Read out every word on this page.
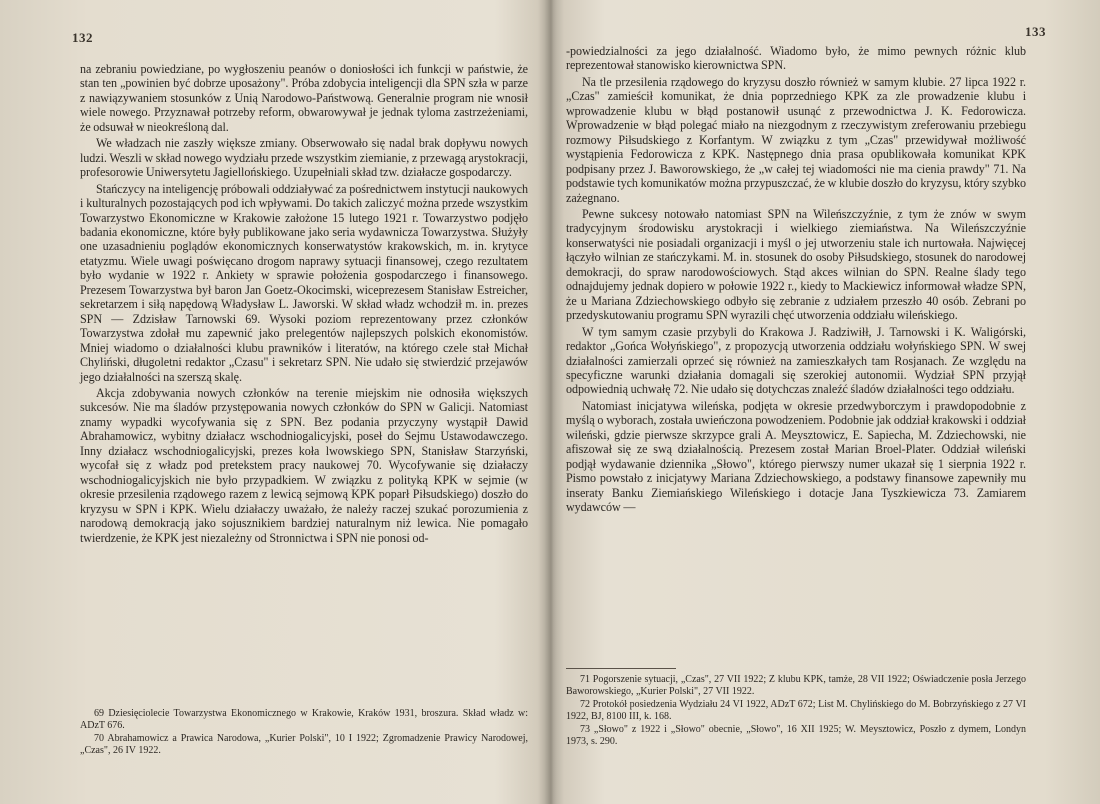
132

na zebraniu powiedziane, po wygłoszeniu peanów o doniosłości ich funkcji w państwie, że stan ten „powinien być dobrze uposażony". Próba zdobycia inteligencji dla SPN szła w parze z nawiązywaniem stosunków z Unią Narodowo-Państwową. Generalnie program nie wnosił wiele nowego. Przyznawał potrzeby reform, obwarowywał je jednak tyloma zastrzeżeniami, że odsuwał w nieokreśloną dal.

We władzach nie zaszły większe zmiany. Obserwowało się nadal brak dopływu nowych ludzi. Weszli w skład nowego wydziału przede wszystkim ziemianie, z przewagą arystokracji, profesorowie Uniwersytetu Jagiellońskiego. Uzupełniali skład tzw. działacze gospodarczy.

Stańczycy na inteligencję próbowali oddziaływać za pośrednictwem instytucji naukowych i kulturalnych pozostających pod ich wpływami. Do takich zaliczyć można przede wszystkim Towarzystwo Ekonomiczne w Krakowie założone 15 lutego 1921 r. Towarzystwo podjęło badania ekonomiczne, które były publikowane jako seria wydawnicza Towarzystwa. Służyły one uzasadnieniu poglądów ekonomicznych konserwatystów krakowskich, m. in. krytyce etatyzmu. Wiele uwagi poświęcano drogom naprawy sytuacji finansowej, czego rezultatem było wydanie w 1922 r. Ankiety w sprawie położenia gospodarczego i finansowego. Prezesem Towarzystwa był baron Jan Goetz-Okocimski, wiceprezesem Stanisław Estreicher, sekretarzem i siłą napędową Władysław L. Jaworski. W skład władz wchodził m. in. prezes SPN — Zdzisław Tarnowski 69. Wysoki poziom reprezentowany przez członków Towarzystwa zdołał mu zapewnić jako prelegentów najlepszych polskich ekonomistów. Mniej wiadomo o działalności klubu prawników i literatów, na którego czele stał Michał Chyliński, długoletni redaktor „Czasu" i sekretarz SPN. Nie udało się stwierdzić przejawów jego działalności na szerszą skalę.

Akcja zdobywania nowych członków na terenie miejskim nie odnosiła większych sukcesów. Nie ma śladów przystępowania nowych członków do SPN w Galicji. Natomiast znamy wypadki wycofywania się z SPN. Bez podania przyczyny wystąpił Dawid Abrahamowicz, wybitny działacz wschodniogalicyjski, poseł do Sejmu Ustawodawczego. Inny działacz wschodniogalicyjski, prezes koła lwowskiego SPN, Stanisław Starzyński, wycofał się z władz pod pretekstem pracy naukowej 70. Wycofywanie się działaczy wschodniogalicyjskich nie było przypadkiem. W związku z polityką KPK w sejmie (w okresie przesilenia rządowego razem z lewicą sejmową KPK poparł Piłsudskiego) doszło do kryzysu w SPN i KPK. Wielu działaczy uważało, że należy raczej szukać porozumienia z narodową demokracją jako sojusznikiem bardziej naturalnym niż lewica. Nie pomagało twierdzenie, że KPK jest niezależny od Stronnictwa i SPN nie ponosi od-

69 Dziesięciolecie Towarzystwa Ekonomicznego w Krakowie, Kraków 1931, broszura. Skład władz w: ADzT 676.

70 Abrahamowicz a Prawica Narodowa, „Kurier Polski", 10 I 1922; Zgromadzenie Prawicy Narodowej, „Czas", 26 IV 1922.

133

-powiedzialności za jego działalność. Wiadomo było, że mimo pewnych różnic klub reprezentował stanowisko kierownictwa SPN.

Na tle przesilenia rządowego do kryzysu doszło również w samym klubie. 27 lipca 1922 r. „Czas" zamieścił komunikat, że dnia poprzedniego KPK za zle prowadzenie klubu i wprowadzenie klubu w błąd postanowił usunąć z przewodnictwa J. K. Fedorowicza. Wprowadzenie w błąd polegać miało na niezgodnym z rzeczywistym zreferowaniu przebiegu rozmowy Piłsudskiego z Korfantym. W związku z tym „Czas" przewidywał możliwość wystąpienia Fedorowicza z KPK. Następnego dnia prasa opublikowała komunikat KPK podpisany przez J. Baworowskiego, że „w całej tej wiadomości nie ma cienia prawdy" 71. Na podstawie tych komunikatów można przypuszczać, że w klubie doszło do kryzysu, który szybko zażegnano.

Pewne sukcesy notowało natomiast SPN na Wileńszczyźnie, z tym że znów w swym tradycyjnym środowisku arystokracji i wielkiego ziemiaństwa. Na Wileńszczyźnie konserwatyści nie posiadali organizacji i myśl o jej utworzeniu stale ich nurtowała. Najwięcej łączyło wilnian ze stańczykami. M. in. stosunek do osoby Piłsudskiego, stosunek do narodowej demokracji, do spraw narodowościowych. Stąd akces wilnian do SPN. Realne ślady tego odnajdujemy jednak dopiero w połowie 1922 r., kiedy to Mackiewicz informował władze SPN, że u Mariana Zdziechowskiego odbyło się zebranie z udziałem przeszło 40 osób. Zebrani po przedyskutowaniu programu SPN wyrazili chęć utworzenia oddziału wileńskiego.

W tym samym czasie przybyli do Krakowa J. Radziwiłł, J. Tarnowski i K. Waligórski, redaktor „Gońca Wołyńskiego", z propozycją utworzenia oddziału wołyńskiego SPN. W swej działalności zamierzali oprzeć się również na zamieszkałych tam Rosjanach. Ze względu na specyficzne warunki działania domagali się szerokiej autonomii. Wydział SPN przyjął odpowiednią uchwałę 72. Nie udało się dotychczas znaleźć śladów działalności tego oddziału.

Natomiast inicjatywa wileńska, podjęta w okresie przedwyborczym i prawdopodobnie z myślą o wyborach, została uwieńczona powodzeniem. Podobnie jak oddział krakowski i oddział wileński, gdzie pierwsze skrzypce grali A. Meysztowicz, E. Sapiecha, M. Zdziechowski, nie afiszował się ze swą działalnością. Prezesem został Marian Broel-Plater. Oddział wileński podjął wydawanie dziennika „Słowo", którego pierwszy numer ukazał się 1 sierpnia 1922 r. Pismo powstało z inicjatywy Mariana Zdziechowskiego, a podstawy finansowe zapewniły mu inseraty Banku Ziemiańskiego Wileńskiego i dotacje Jana Tyszkiewicza 73. Zamiarem wydawców —

71 Pogorszenie sytuacji, „Czas", 27 VII 1922; Z klubu KPK, tamże, 28 VII 1922; Oświadczenie posła Jerzego Baworowskiego, „Kurier Polski", 27 VII 1922.

72 Protokół posiedzenia Wydziału 24 VI 1922, ADzT 672; List M. Chylińskiego do M. Bobrzyńskiego z 27 VI 1922, BJ, 8100 III, k. 168.

73 „Słowo" z 1922 i „Słowo" obecnie, „Słowo", 16 XII 1925; W. Meysztowicz, Poszło z dymem, Londyn 1973, s. 290.
